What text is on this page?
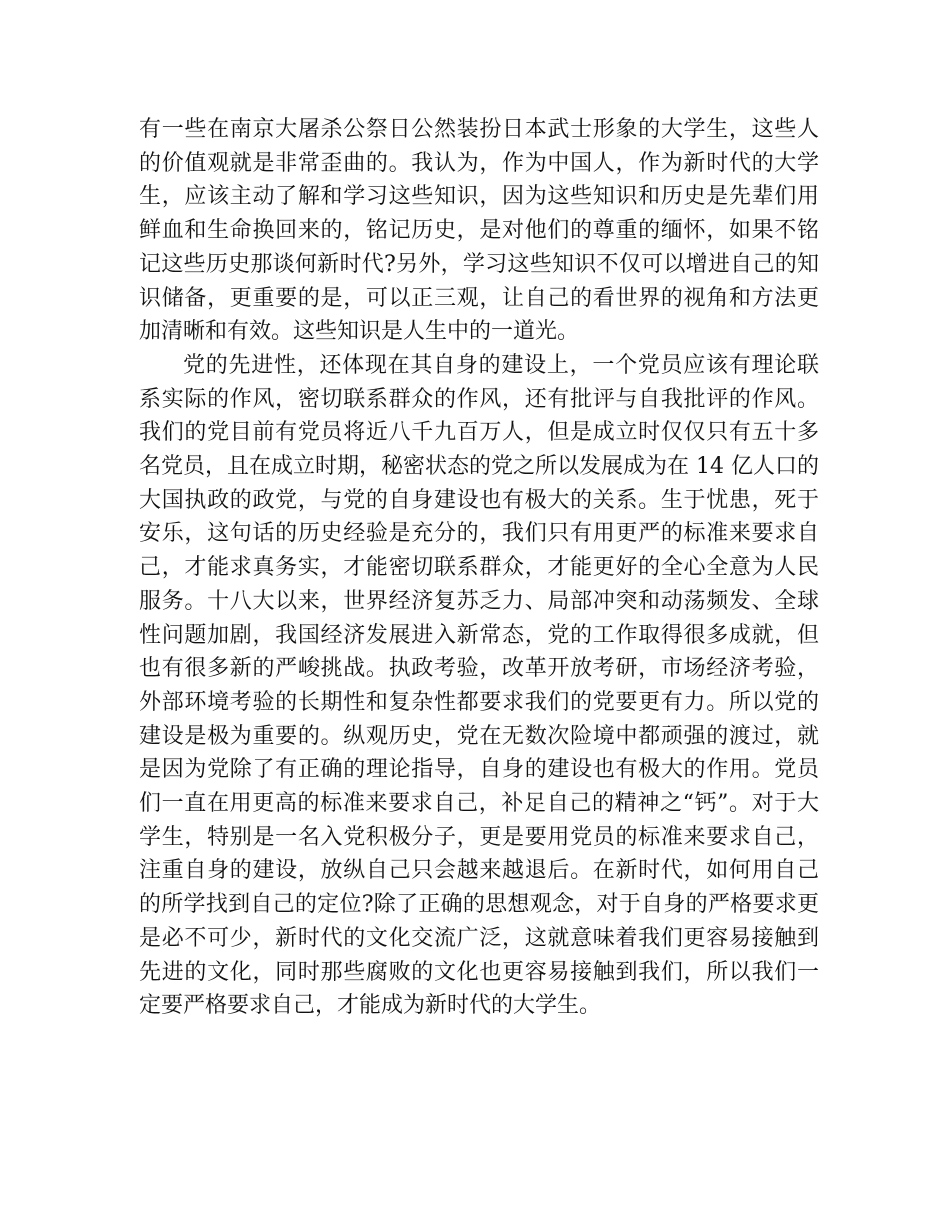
有一些在南京大屠杀公祭日公然装扮日本武士形象的大学生，这些人的价值观就是非常歪曲的。我认为，作为中国人，作为新时代的大学生，应该主动了解和学习这些知识，因为这些知识和历史是先辈们用鲜血和生命换回来的，铭记历史，是对他们的尊重的缅怀，如果不铭记这些历史那谈何新时代?另外，学习这些知识不仅可以增进自己的知识储备，更重要的是，可以正三观，让自己的看世界的视角和方法更加清晰和有效。这些知识是人生中的一道光。

党的先进性，还体现在其自身的建设上，一个党员应该有理论联系实际的作风，密切联系群众的作风，还有批评与自我批评的作风。我们的党目前有党员将近八千九百万人，但是成立时仅仅只有五十多名党员，且在成立时期，秘密状态的党之所以发展成为在 14 亿人口的大国执政的政党，与党的自身建设也有极大的关系。生于忧患，死于安乐，这句话的历史经验是充分的，我们只有用更严的标准来要求自己，才能求真务实，才能密切联系群众，才能更好的全心全意为人民服务。十八大以来，世界经济复苏乏力、局部冲突和动荡频发、全球性问题加剧，我国经济发展进入新常态，党的工作取得很多成就，但也有很多新的严峻挑战。执政考验，改革开放考研，市场经济考验，外部环境考验的长期性和复杂性都要求我们的党要更有力。所以党的建设是极为重要的。纵观历史，党在无数次险境中都顽强的渡过，就是因为党除了有正确的理论指导，自身的建设也有极大的作用。党员们一直在用更高的标准来要求自己，补足自己的精神之“钙”。对于大学生，特别是一名入党积极分子，更是要用党员的标准来要求自己，注重自身的建设，放纵自己只会越来越退后。在新时代，如何用自己的所学找到自己的定位?除了正确的思想观念，对于自身的严格要求更是必不可少，新时代的文化交流广泛，这就意味着我们更容易接触到先进的文化，同时那些腐败的文化也更容易接触到我们，所以我们一定要严格要求自己，才能成为新时代的大学生。
